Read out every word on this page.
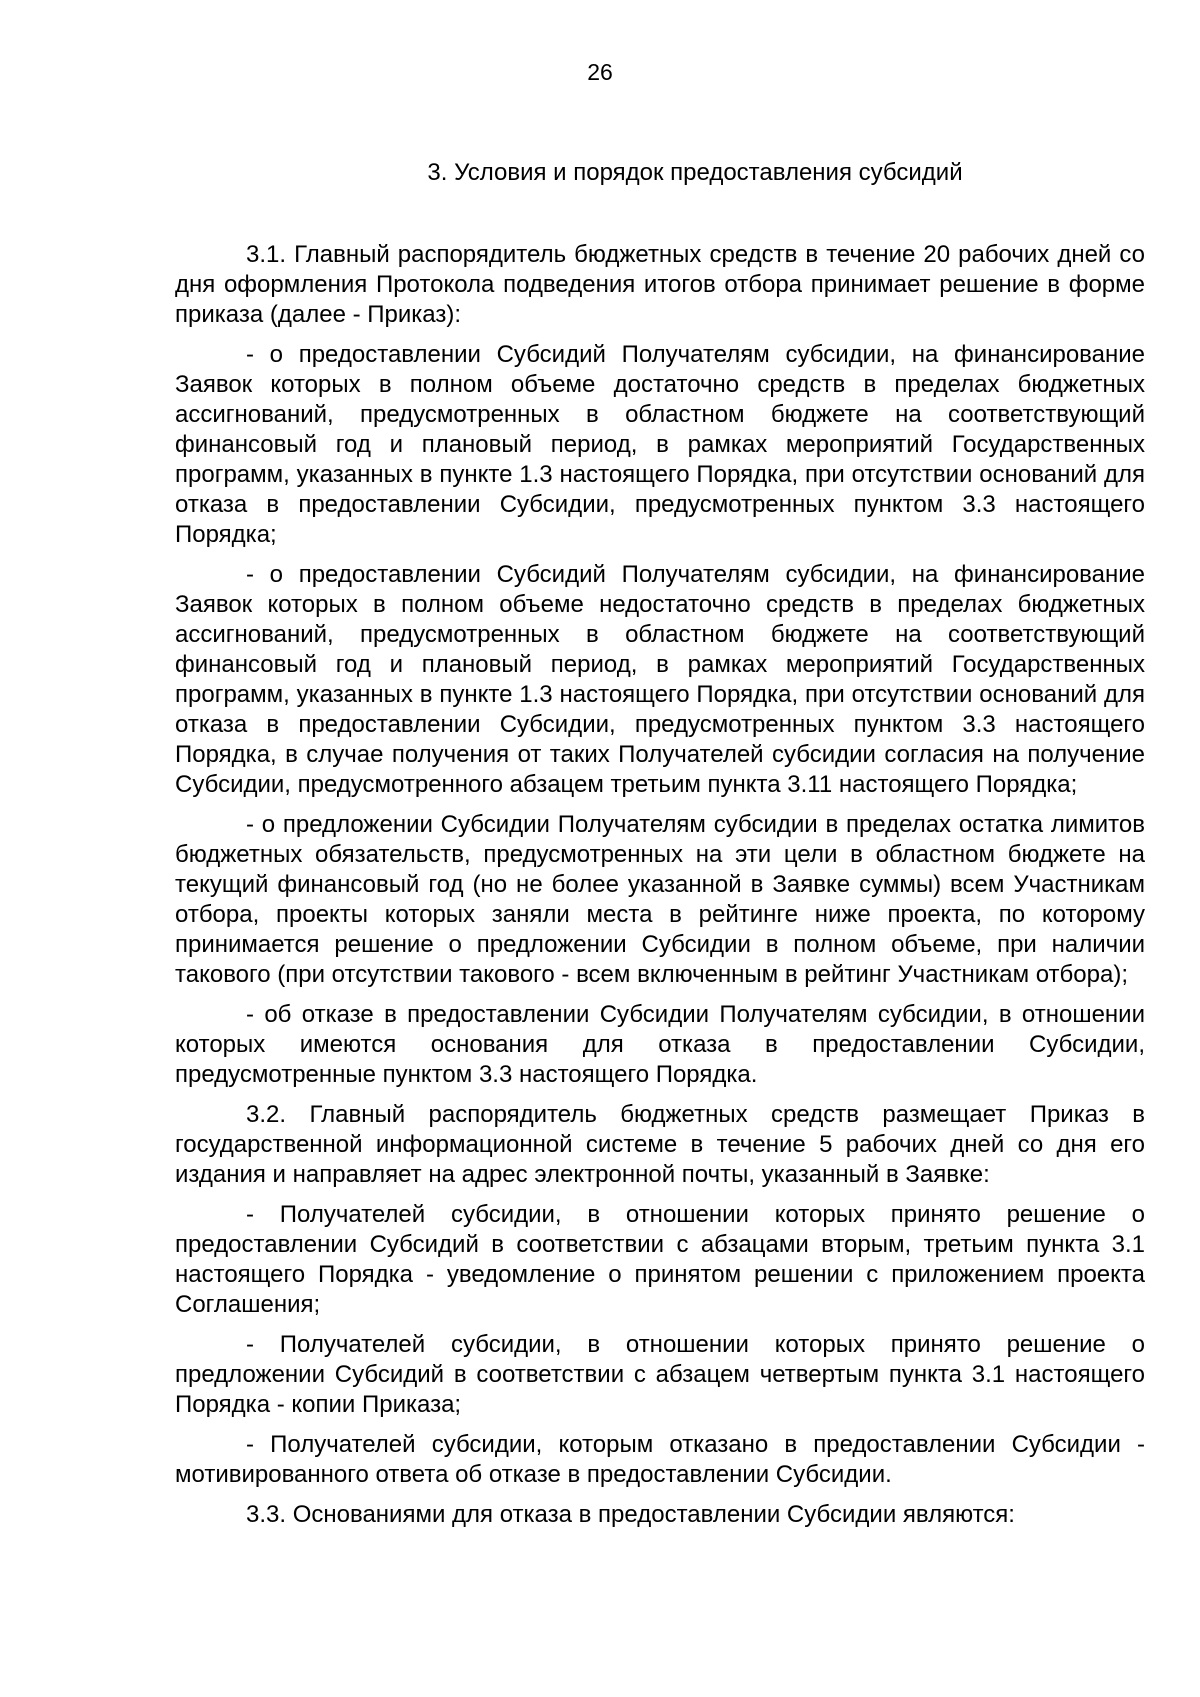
26
3. Условия и порядок предоставления субсидий

3.1. Главный распорядитель бюджетных средств в течение 20 рабочих дней со дня оформления Протокола подведения итогов отбора принимает решение в форме приказа (далее - Приказ):

- о предоставлении Субсидий Получателям субсидии, на финансирование Заявок которых в полном объеме достаточно средств в пределах бюджетных ассигнований, предусмотренных в областном бюджете на соответствующий финансовый год и плановый период, в рамках мероприятий Государственных программ, указанных в пункте 1.3 настоящего Порядка, при отсутствии оснований для отказа в предоставлении Субсидии, предусмотренных пунктом 3.3 настоящего Порядка;

- о предоставлении Субсидий Получателям субсидии, на финансирование Заявок которых в полном объеме недостаточно средств в пределах бюджетных ассигнований, предусмотренных в областном бюджете на соответствующий финансовый год и плановый период, в рамках мероприятий Государственных программ, указанных в пункте 1.3 настоящего Порядка, при отсутствии оснований для отказа в предоставлении Субсидии, предусмотренных пунктом 3.3 настоящего Порядка, в случае получения от таких Получателей субсидии согласия на получение Субсидии, предусмотренного абзацем третьим пункта 3.11 настоящего Порядка;

- о предложении Субсидии Получателям субсидии в пределах остатка лимитов бюджетных обязательств, предусмотренных на эти цели в областном бюджете на текущий финансовый год (но не более указанной в Заявке суммы) всем Участникам отбора, проекты которых заняли места в рейтинге ниже проекта, по которому принимается решение о предложении Субсидии в полном объеме, при наличии такового (при отсутствии такового - всем включенным в рейтинг Участникам отбора);

- об отказе в предоставлении Субсидии Получателям субсидии, в отношении которых имеются основания для отказа в предоставлении Субсидии, предусмотренные пунктом 3.3 настоящего Порядка.

3.2. Главный распорядитель бюджетных средств размещает Приказ в государственной информационной системе в течение 5 рабочих дней со дня его издания и направляет на адрес электронной почты, указанный в Заявке:

- Получателей субсидии, в отношении которых принято решение о предоставлении Субсидий в соответствии с абзацами вторым, третьим пункта 3.1 настоящего Порядка - уведомление о принятом решении с приложением проекта Соглашения;

- Получателей субсидии, в отношении которых принято решение о предложении Субсидий в соответствии с абзацем четвертым пункта 3.1 настоящего Порядка - копии Приказа;

- Получателей субсидии, которым отказано в предоставлении Субсидии - мотивированного ответа об отказе в предоставлении Субсидии.

3.3. Основаниями для отказа в предоставлении Субсидии являются:
